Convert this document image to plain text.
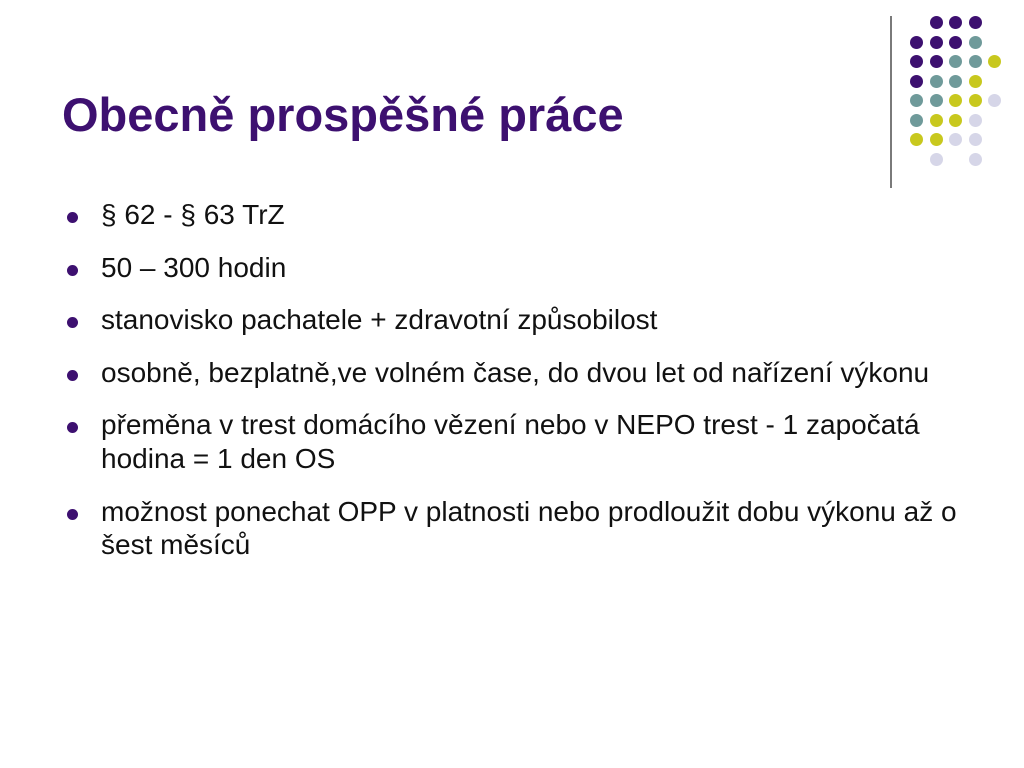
Obecně prospěšné práce
§ 62 - § 63 TrZ
50 – 300 hodin
stanovisko pachatele + zdravotní způsobilost
osobně, bezplatně,ve volném čase, do dvou let od nařízení výkonu
přeměna v trest domácího vězení nebo v NEPO trest - 1 započatá hodina = 1 den OS
možnost ponechat OPP v platnosti nebo prodloužit dobu výkonu až o šest měsíců
